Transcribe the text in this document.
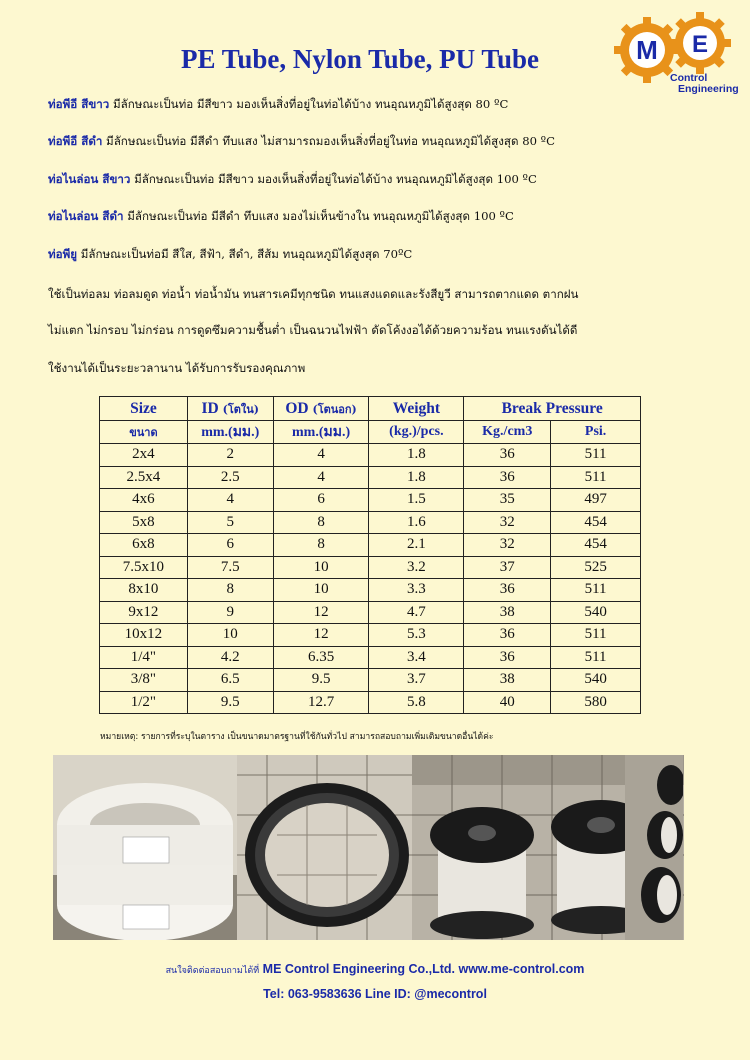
PE Tube, Nylon Tube, PU Tube	M E
Control
Engineering
ท่อพีอี สีขาว มีลักษณะเป็นท่อ มีสีขาว มองเห็นสิ่งที่อยู่ในท่อได้บ้าง ทนอุณหภูมิได้สูงสุด 80 ºC
ท่อพีอี สีดำ มีลักษณะเป็นท่อ มีสีดำ ทึบแสง ไม่สามารถมองเห็นสิ่งที่อยู่ในท่อ ทนอุณหภูมิได้สูงสุด 80 ºC
ท่อไนล่อน สีขาว มีลักษณะเป็นท่อ มีสีขาว มองเห็นสิ่งที่อยู่ในท่อได้บ้าง ทนอุณหภูมิได้สูงสุด 100 ºC
ท่อไนล่อน สีดำ มีลักษณะเป็นท่อ มีสีดำ ทึบแสง มองไม่เห็นข้างใน ทนอุณหภูมิได้สูงสุด 100 ºC
ท่อพียู มีลักษณะเป็นท่อมี สีใส, สีฟ้า, สีดำ, สีส้ม ทนอุณหภูมิได้สูงสุด 70ºC
ใช้เป็นท่อลม ท่อลมดูด ท่อน้ำ ท่อน้ำมัน ทนสารเคมีทุกชนิด ทนแสงแดดและรังสียูวี สามารถตากแดด ตากฝน
ไม่แตก ไม่กรอบ ไม่กร่อน การดูดซึมความชื้นต่ำ เป็นฉนวนไฟฟ้า ดัดโค้งงอได้ด้วยความร้อน ทนแรงดันได้ดี
ใช้งานได้เป็นระยะวลานาน ได้รับการรับรองคุณภาพ
Size	ID (โตใน)	OD (โตนอก)	Weight	Break Pressure	
ขนาด	mm.(มม.)	mm.(มม.)	(kg.)/pcs.	Kg./cm3	Psi.
2x4	2	4	1.8	36	511
2.5x4	2.5	4	1.8	36	511
4x6	4	6	1.5	35	497
5x8	5	8	1.6	32	454
6x8	6	8	2.1	32	454
7.5x10	7.5	10	3.2	37	525
8x10	8	10	3.3	36	511
9x12	9	12	4.7	38	540
10x12	10	12	5.3	36	511
1/4"	4.2	6.35	3.4	36	511
3/8"	6.5	9.5	3.7	38	540
1/2"	9.5	12.7	5.8	40	580
หมายเหตุ: รายการที่ระบุในตาราง เป็นขนาดมาตรฐานที่ใช้กันทั่วไป สามารถสอบถามเพิ่มเติมขนาดอื่นได้ค่ะ
สนใจติดต่อสอบถามได้ที่ ME Control Engineering Co.,Ltd. www.me-control.com
Tel: 063-9583636 Line ID: @mecontrol
